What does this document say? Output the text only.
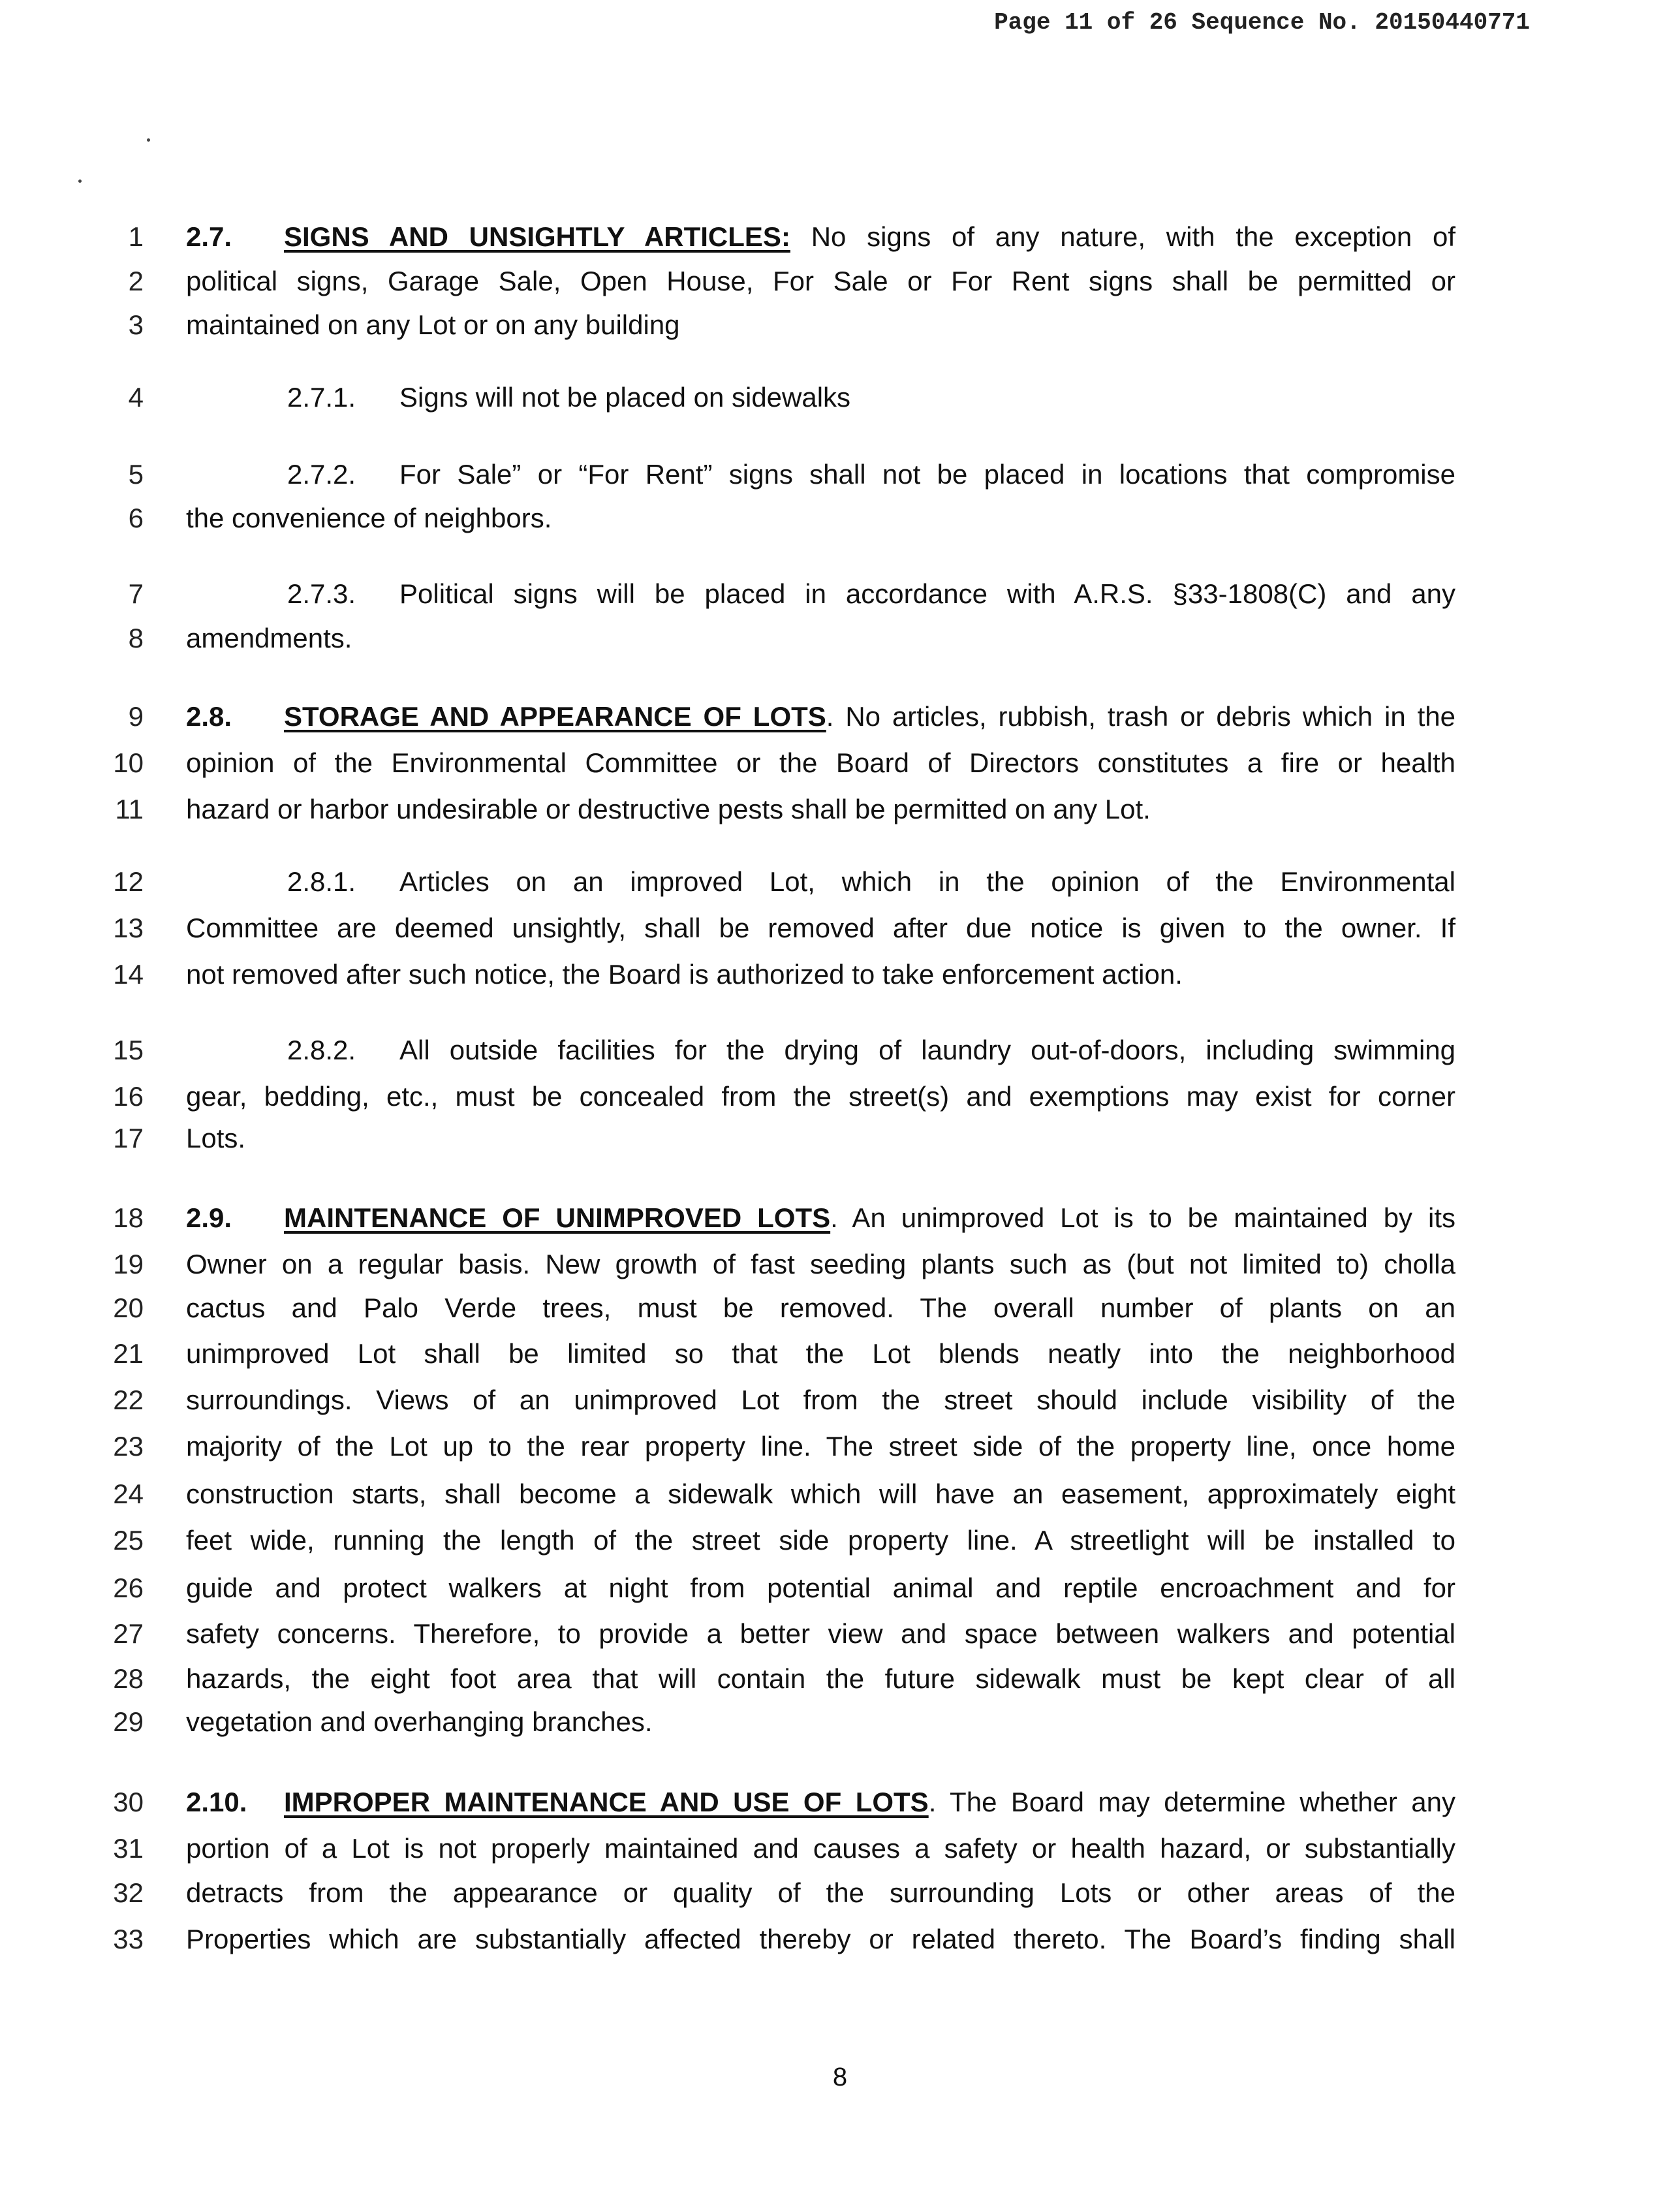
Page 11 of 26 Sequence No. 20150440771
1 2.7. SIGNS AND UNSIGHTLY ARTICLES: No signs of any nature, with the exception of
2 political signs, Garage Sale, Open House, For Sale or For Rent signs shall be permitted or
3 maintained on any Lot or on any building
4	2.7.1. Signs will not be placed on sidewalks
5	2.7.2. For Sale” or “For Rent” signs shall not be placed in locations that compromise
6 the convenience of neighbors.
7	2.7.3. Political signs will be placed in accordance with A.R.S. §33-1808(C) and any
8 amendments.
9 2.8. STORAGE AND APPEARANCE OF LOTS. No articles, rubbish, trash or debris which in the
10 opinion of the Environmental Committee or the Board of Directors constitutes a fire or health
11 hazard or harbor undesirable or destructive pests shall be permitted on any Lot.
12	2.8.1. Articles on an improved Lot, which in the opinion of the Environmental
13 Committee are deemed unsightly, shall be removed after due notice is given to the owner. If
14 not removed after such notice, the Board is authorized to take enforcement action.
15	2.8.2. All outside facilities for the drying of laundry out-of-doors, including swimming
16 gear, bedding, etc., must be concealed from the street(s) and exemptions may exist for corner
17 Lots.
18 2.9. MAINTENANCE OF UNIMPROVED LOTS. An unimproved Lot is to be maintained by its
19 Owner on a regular basis. New growth of fast seeding plants such as (but not limited to) cholla
20 cactus and Palo Verde trees, must be removed. The overall number of plants on an
21 unimproved Lot shall be limited so that the Lot blends neatly into the neighborhood
22 surroundings. Views of an unimproved Lot from the street should include visibility of the
23 majority of the Lot up to the rear property line. The street side of the property line, once home
24 construction starts, shall become a sidewalk which will have an easement, approximately eight
25 feet wide, running the length of the street side property line. A streetlight will be installed to
26 guide and protect walkers at night from potential animal and reptile encroachment and for
27 safety concerns. Therefore, to provide a better view and space between walkers and potential
28 hazards, the eight foot area that will contain the future sidewalk must be kept clear of all
29 vegetation and overhanging branches.
30 2.10. IMPROPER MAINTENANCE AND USE OF LOTS. The Board may determine whether any
31 portion of a Lot is not properly maintained and causes a safety or health hazard, or substantially
32 detracts from the appearance or quality of the surrounding Lots or other areas of the
33 Properties which are substantially affected thereby or related thereto. The Board’s finding shall
8
